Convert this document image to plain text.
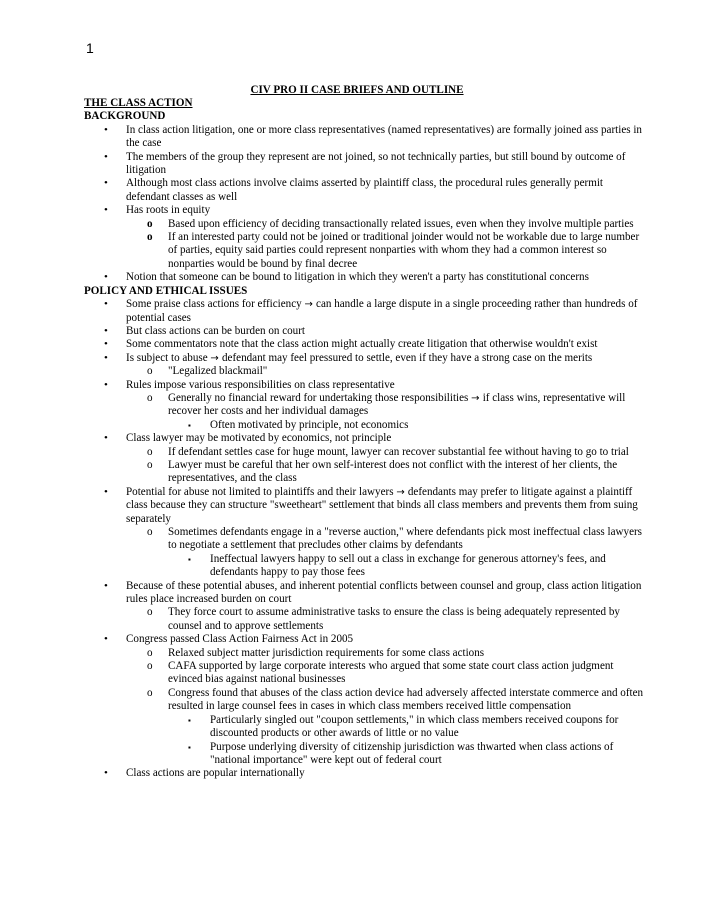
1
CIV PRO II CASE BRIEFS AND OUTLINE
THE CLASS ACTION
BACKGROUND
• In class action litigation, one or more class representatives (named representatives) are formally joined ass parties in the case
• The members of the group they represent are not joined, so not technically parties, but still bound by outcome of litigation
• Although most class actions involve claims asserted by plaintiff class, the procedural rules generally permit defendant classes as well
• Has roots in equity
o Based upon efficiency of deciding transactionally related issues, even when they involve multiple parties
o If an interested party could not be joined or traditional joinder would not be workable due to large number of parties, equity said parties could represent nonparties with whom they had a common interest so nonparties would be bound by final decree
• Notion that someone can be bound to litigation in which they weren't a party has constitutional concerns
POLICY AND ETHICAL ISSUES
• Some praise class actions for efficiency → can handle a large dispute in a single proceeding rather than hundreds of potential cases
• But class actions can be burden on court
• Some commentators note that the class action might actually create litigation that otherwise wouldn't exist
• Is subject to abuse → defendant may feel pressured to settle, even if they have a strong case on the merits
o "Legalized blackmail"
• Rules impose various responsibilities on class representative
o Generally no financial reward for undertaking those responsibilities → if class wins, representative will recover her costs and her individual damages
▪ Often motivated by principle, not economics
• Class lawyer may be motivated by economics, not principle
o If defendant settles case for huge mount, lawyer can recover substantial fee without having to go to trial
o Lawyer must be careful that her own self-interest does not conflict with the interest of her clients, the representatives, and the class
• Potential for abuse not limited to plaintiffs and their lawyers → defendants may prefer to litigate against a plaintiff class because they can structure "sweetheart" settlement that binds all class members and prevents them from suing separately
o Sometimes defendants engage in a "reverse auction," where defendants pick most ineffectual class lawyers to negotiate a settlement that precludes other claims by defendants
▪ Ineffectual lawyers happy to sell out a class in exchange for generous attorney's fees, and defendants happy to pay those fees
• Because of these potential abuses, and inherent potential conflicts between counsel and group, class action litigation rules place increased burden on court
o They force court to assume administrative tasks to ensure the class is being adequately represented by counsel and to approve settlements
• Congress passed Class Action Fairness Act in 2005
o Relaxed subject matter jurisdiction requirements for some class actions
o CAFA supported by large corporate interests who argued that some state court class action judgment evinced bias against national businesses
o Congress found that abuses of the class action device had adversely affected interstate commerce and often resulted in large counsel fees in cases in which class members received little compensation
▪ Particularly singled out "coupon settlements," in which class members received coupons for discounted products or other awards of little or no value
▪ Purpose underlying diversity of citizenship jurisdiction was thwarted when class actions of "national importance" were kept out of federal court
• Class actions are popular internationally
